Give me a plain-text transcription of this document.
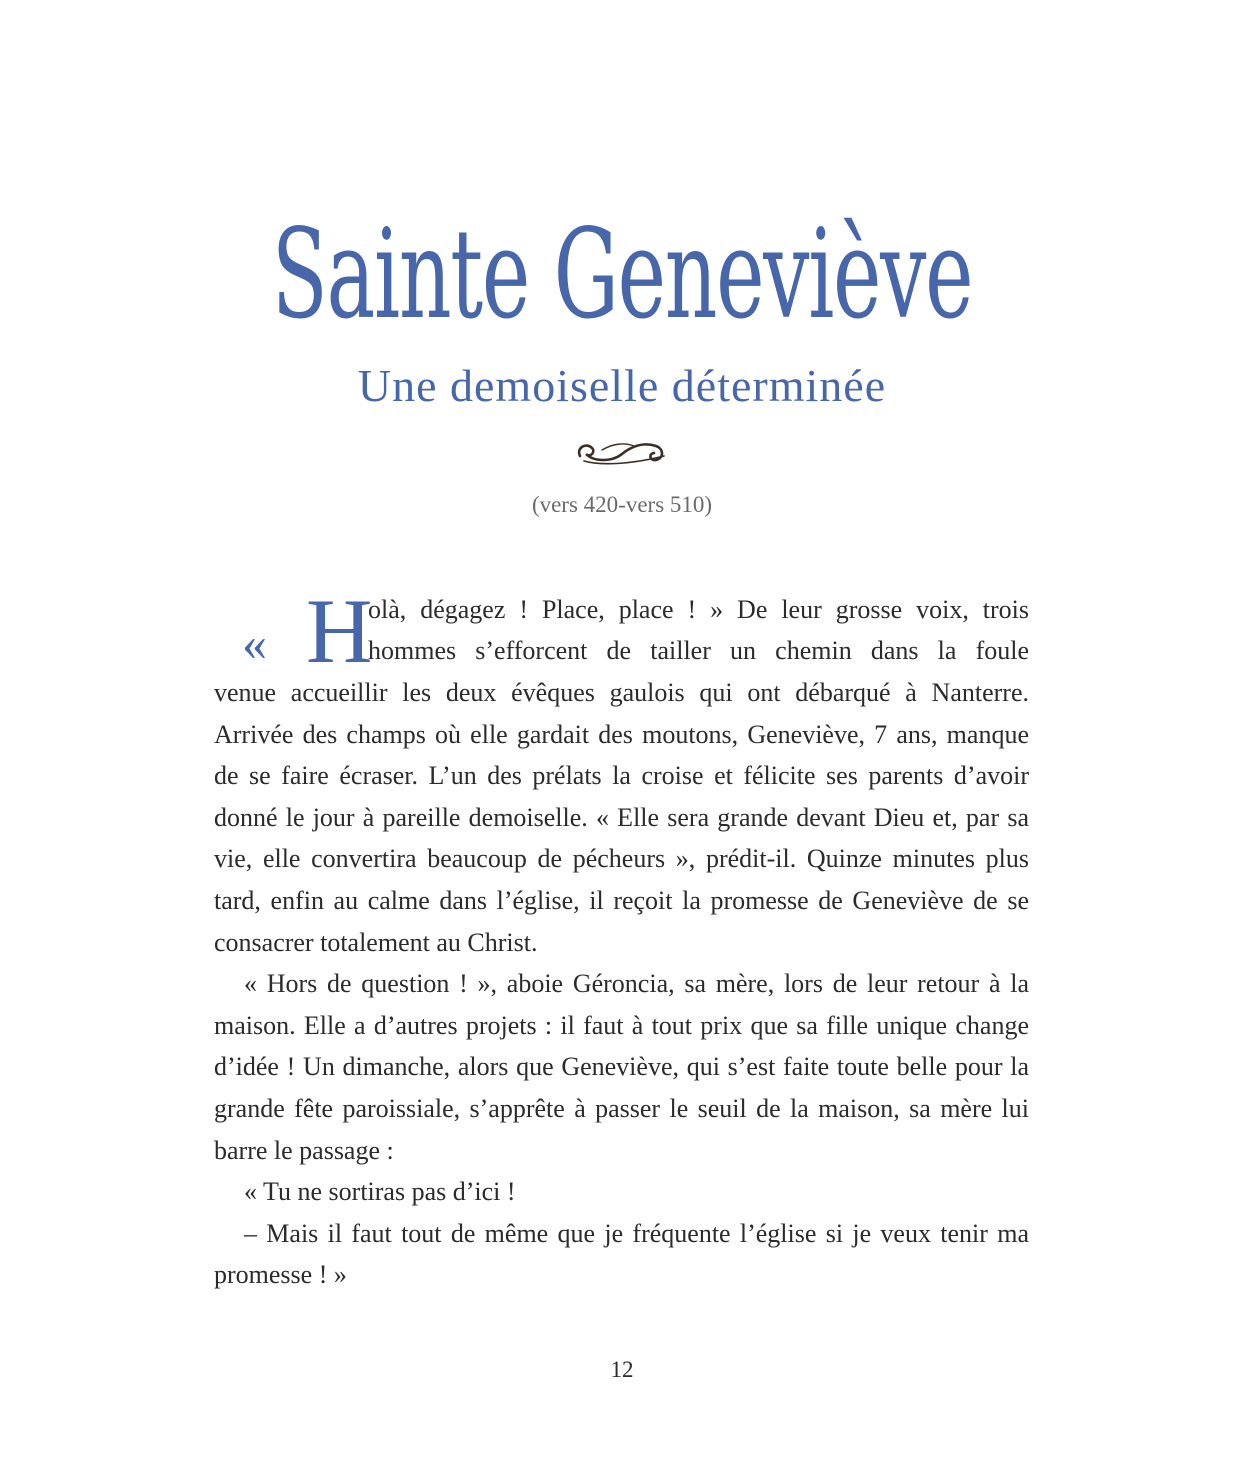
Sainte Geneviève
Une demoiselle déterminée
(vers 420-vers 510)
« H
olà, dégagez ! Place, place ! » De leur grosse voix, trois
hommes s’efforcent de tailler un chemin dans la foule

venue accueillir les deux évêques gaulois qui ont débarqué à Nanterre. Arrivée des champs où elle gardait des moutons, Geneviève, 7 ans, manque de se faire écraser. L’un des prélats la croise et félicite ses parents d’avoir donné le jour à pareille demoiselle. « Elle sera grande devant Dieu et, par sa vie, elle convertira beaucoup de pécheurs », prédit-il. Quinze minutes plus tard, enfin au calme dans l’église, il reçoit la promesse de Geneviève de se consacrer totalement au Christ.

« Hors de question ! », aboie Géroncia, sa mère, lors de leur retour à la maison. Elle a d’autres projets : il faut à tout prix que sa fille unique change d’idée ! Un dimanche, alors que Geneviève, qui s’est faite toute belle pour la grande fête paroissiale, s’apprête à passer le seuil de la maison, sa mère lui barre le passage :

« Tu ne sortiras pas d’ici !

– Mais il faut tout de même que je fréquente l’église si je veux tenir ma promesse ! »

12
